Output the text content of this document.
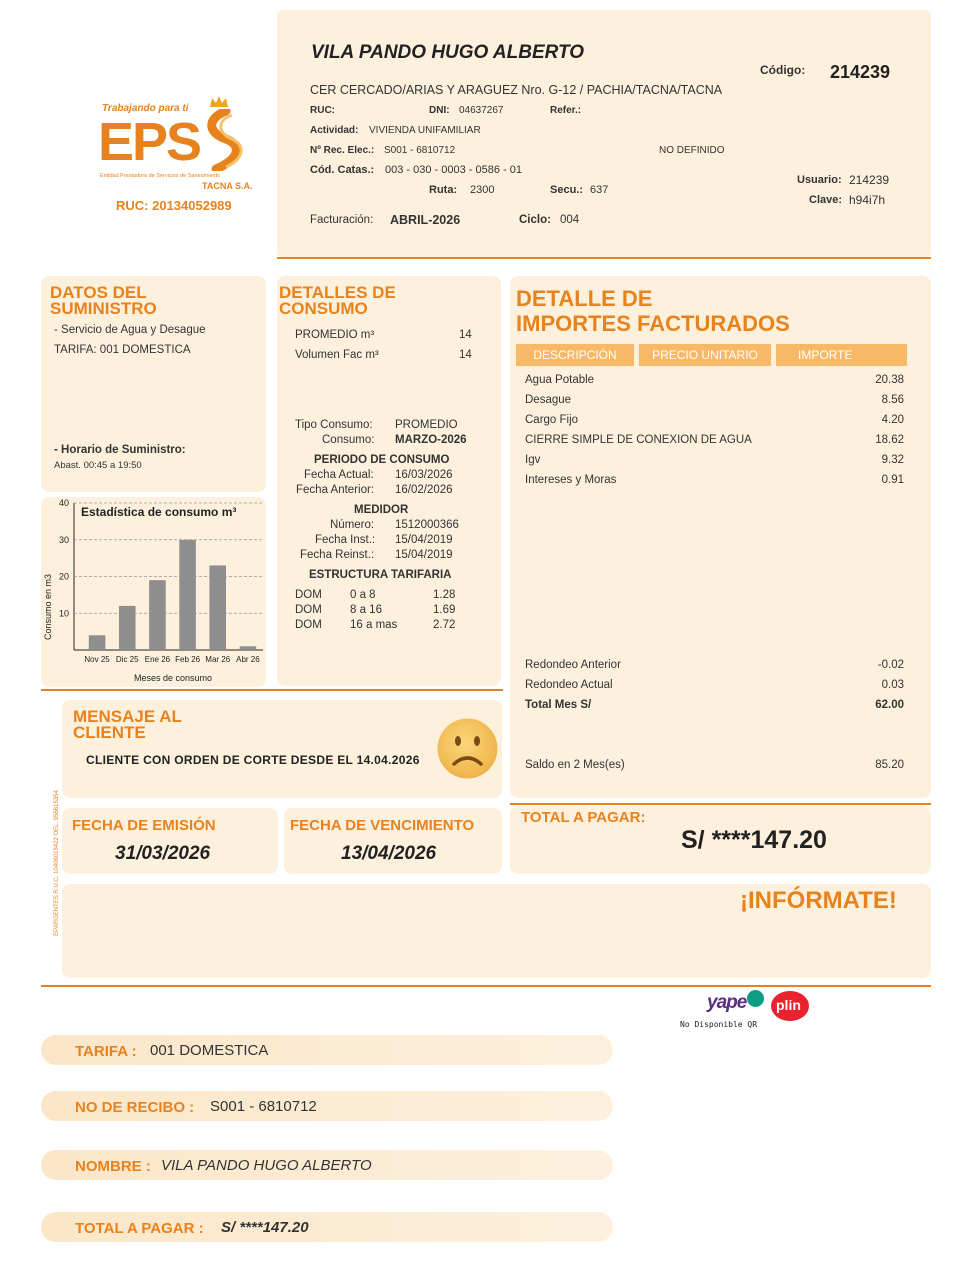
Trabajando para ti
EPS
Entidad Prestadora de Servicios de Saneamiento
TACNA S.A.
RUC: 20134052989
VILA PANDO HUGO ALBERTO
Código: 214239
CER CERCADO/ARIAS Y ARAGUEZ Nro. G-12 / PACHIA/TACNA/TACNA
RUC:	DNI: 04637267	Refer.:
Actividad: VIVIENDA UNIFAMILIAR
Nº Rec. Elec.: S001 - 6810712	NO DEFINIDO
Cód. Catas.: 003 - 030 - 0003 - 0586 - 01
Ruta: 2300	Secu.: 637
Usuario: 214239
Clave: h94i7h
Facturación: ABRIL-2026	Ciclo: 004
DATOS DEL
SUMINISTRO
- Servicio de Agua y Desague
TARIFA: 001 DOMESTICA
- Horario de Suministro:
Abast. 00:45 a 19:50
Estadística de consumo m³
Consumo en m3
Meses de consumo
Nov 25 Dic 25 Ene 26 Feb 26 Mar 26 Abr 26
10
20
30
40
DETALLES DE
CONSUMO
PROMEDIO m³	14
Volumen Fac m³	14
Tipo Consumo: PROMEDIO
Consumo: MARZO-2026
PERIODO DE CONSUMO
Fecha Actual: 16/03/2026
Fecha Anterior: 16/02/2026
MEDIDOR
Número: 1512000366
Fecha Inst.: 15/04/2019
Fecha Reinst.: 15/04/2019
ESTRUCTURA TARIFARIA
DOM 0 a 8	1.28
DOM 8 a 16	1.69
DOM 16 a mas	2.72
DETALLE DE
IMPORTES FACTURADOS
DESCRIPCIÓN	PRECIO UNITARIO	IMPORTE
Agua Potable	20.38
Desague	8.56
Cargo Fijo	4.20
CIERRE SIMPLE DE CONEXION DE AGUA	18.62
Igv	9.32
Intereses y Moras	0.91
Redondeo Anterior	-0.02
Redondeo Actual	0.03
Total Mes S/	62.00
Saldo en 2 Mes(es)	85.20
MENSAJE AL
CLIENTE
CLIENTE CON ORDEN DE CORTE DESDE EL 14.04.2026
EPARGENTES R.U.C. 10406013422 OEL. 956615354 FECHA DE EMISIÓN
31/03/2026
FECHA DE VENCIMIENTO
13/04/2026
TOTAL A PAGAR:
S/ ****147.20
¡INFÓRMATE!
yape plin
No Disponible QR
TARIFA : 001 DOMESTICA
NO DE RECIBO : S001 - 6810712
NOMBRE : VILA PANDO HUGO ALBERTO
TOTAL A PAGAR : S/ ****147.20
